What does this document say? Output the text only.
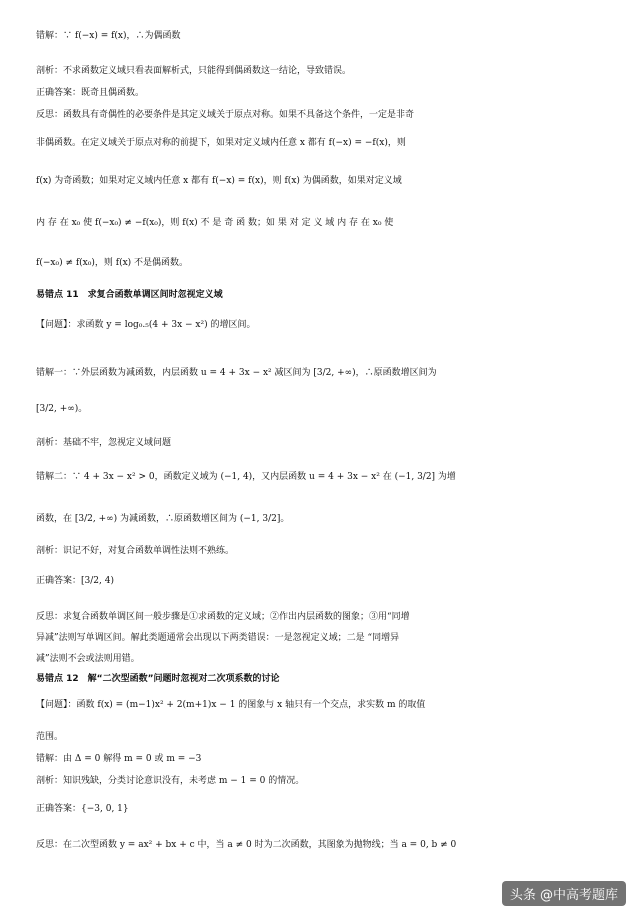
错解：∵ f(−x) = f(x)，∴为偶函数
剖析：不求函数定义域只看表面解析式，只能得到偶函数这一结论，导致错误。
正确答案：既奇且偶函数。
反思：函数具有奇偶性的必要条件是其定义域关于原点对称。如果不具备这个条件，一定是非奇
非偶函数。在定义域关于原点对称的前提下，如果对定义域内任意 x 都有 f(−x) = −f(x)，则
f(x) 为奇函数；如果对定义域内任意 x 都有 f(−x) = f(x)，则 f(x) 为偶函数，如果对定义域
内 存 在 x₀ 使 f(−x₀) ≠ −f(x₀)，则 f(x) 不 是 奇 函 数；如 果 对 定 义 域 内 存 在 x₀ 使
f(−x₀) ≠ f(x₀)，则 f(x) 不是偶函数。
易错点 11　求复合函数单调区间时忽视定义域
【问题】：求函数 y = log₀.₅(4 + 3x − x²) 的增区间。
错解一：∵外层函数为减函数，内层函数 u = 4 + 3x − x² 减区间为 [3/2, +∞)，∴原函数增区间为
[3/2, +∞)。
剖析：基础不牢，忽视定义域问题
错解二：∵ 4 + 3x − x² > 0，函数定义域为 (−1, 4)，又内层函数 u = 4 + 3x − x² 在 (−1, 3/2] 为增
函数，在 [3/2, +∞) 为减函数，∴原函数增区间为 (−1, 3/2]。
剖析：识记不好，对复合函数单调性法则不熟练。
正确答案：[3/2, 4)
反思：求复合函数单调区间一般步骤是①求函数的定义域；②作出内层函数的图象；③用“同增
异减”法则写单调区间。解此类题通常会出现以下两类错误：一是忽视定义域；二是 “同增异
减”法则不会或法则用错。
易错点 12　解“二次型函数”问题时忽视对二次项系数的讨论
【问题】：函数 f(x) = (m−1)x² + 2(m+1)x − 1 的图象与 x 轴只有一个交点，求实数 m 的取值
范围。
错解：由 Δ = 0 解得 m = 0 或 m = −3
剖析：知识残缺，分类讨论意识没有，未考虑 m − 1 = 0 的情况。
正确答案：{−3, 0, 1}
反思：在二次型函数 y = ax² + bx + c 中，当 a ≠ 0 时为二次函数，其图象为抛物线；当 a = 0, b ≠ 0
头条 @中高考题库
